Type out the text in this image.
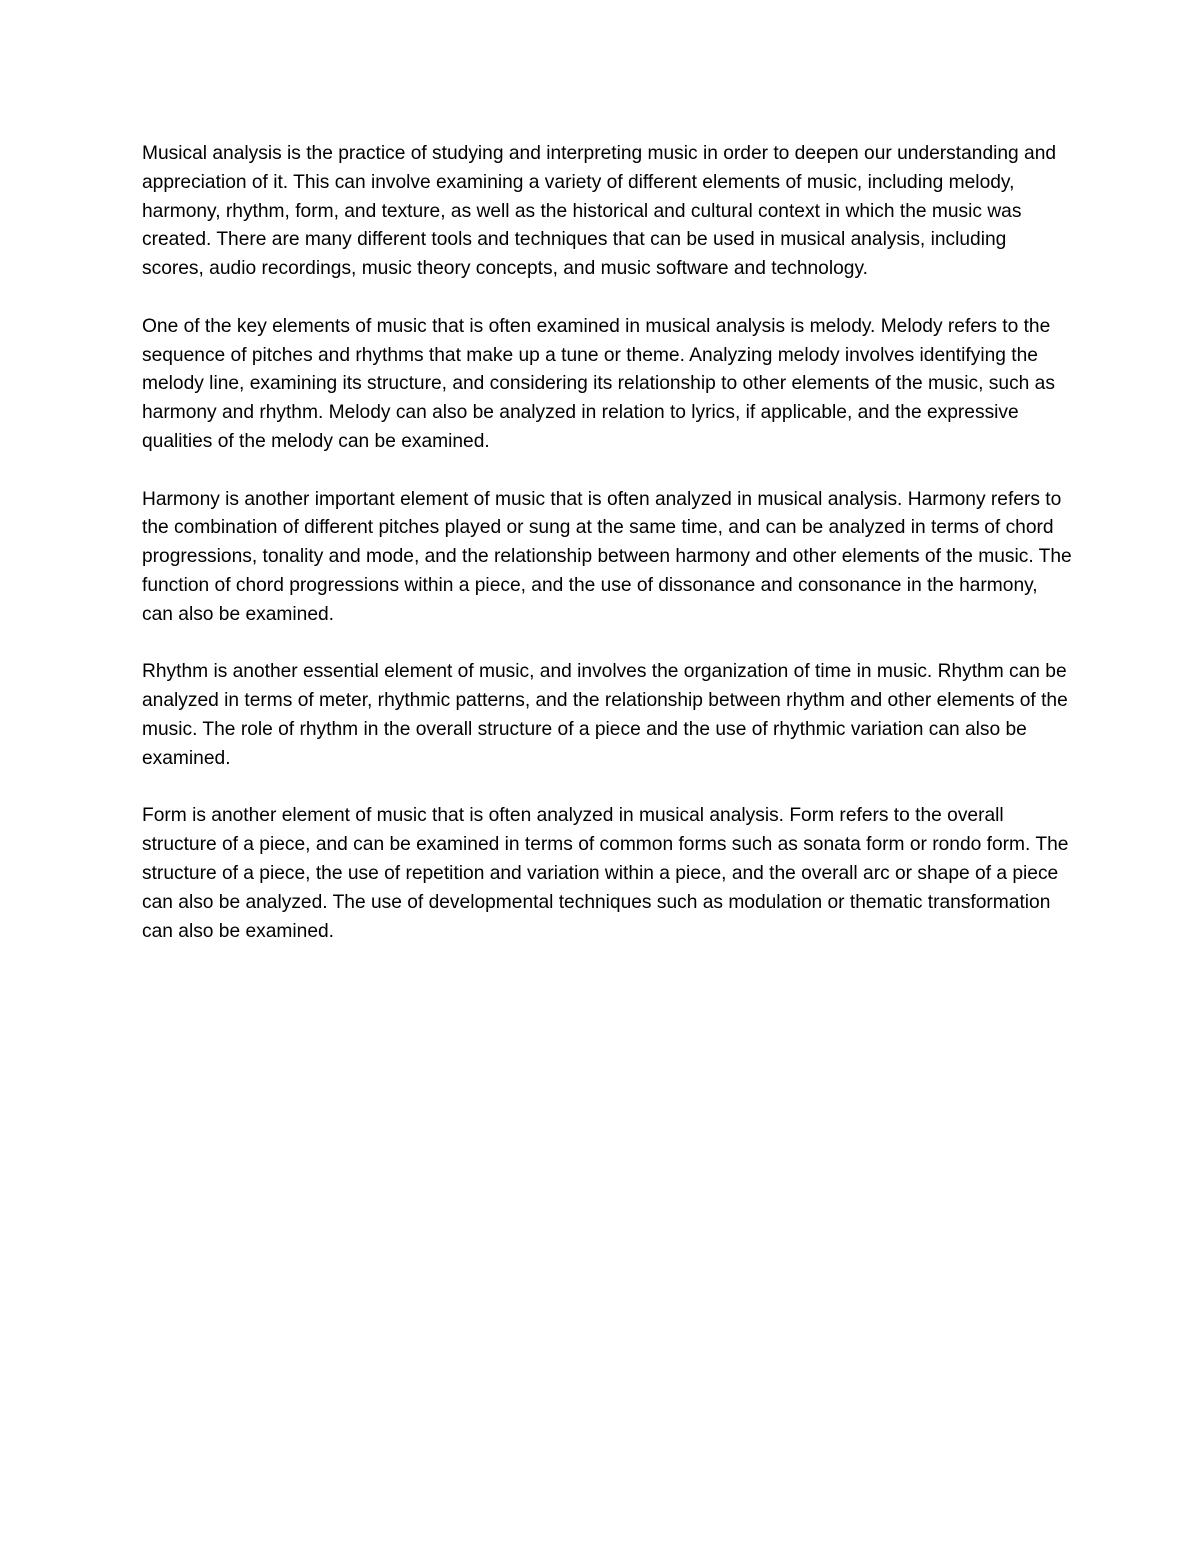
Musical analysis is the practice of studying and interpreting music in order to deepen our understanding and appreciation of it. This can involve examining a variety of different elements of music, including melody, harmony, rhythm, form, and texture, as well as the historical and cultural context in which the music was created. There are many different tools and techniques that can be used in musical analysis, including scores, audio recordings, music theory concepts, and music software and technology.

One of the key elements of music that is often examined in musical analysis is melody. Melody refers to the sequence of pitches and rhythms that make up a tune or theme. Analyzing melody involves identifying the melody line, examining its structure, and considering its relationship to other elements of the music, such as harmony and rhythm. Melody can also be analyzed in relation to lyrics, if applicable, and the expressive qualities of the melody can be examined.

Harmony is another important element of music that is often analyzed in musical analysis. Harmony refers to the combination of different pitches played or sung at the same time, and can be analyzed in terms of chord progressions, tonality and mode, and the relationship between harmony and other elements of the music. The function of chord progressions within a piece, and the use of dissonance and consonance in the harmony, can also be examined.

Rhythm is another essential element of music, and involves the organization of time in music. Rhythm can be analyzed in terms of meter, rhythmic patterns, and the relationship between rhythm and other elements of the music. The role of rhythm in the overall structure of a piece and the use of rhythmic variation can also be examined.

Form is another element of music that is often analyzed in musical analysis. Form refers to the overall structure of a piece, and can be examined in terms of common forms such as sonata form or rondo form. The structure of a piece, the use of repetition and variation within a piece, and the overall arc or shape of a piece can also be analyzed. The use of developmental techniques such as modulation or thematic transformation can also be examined.
